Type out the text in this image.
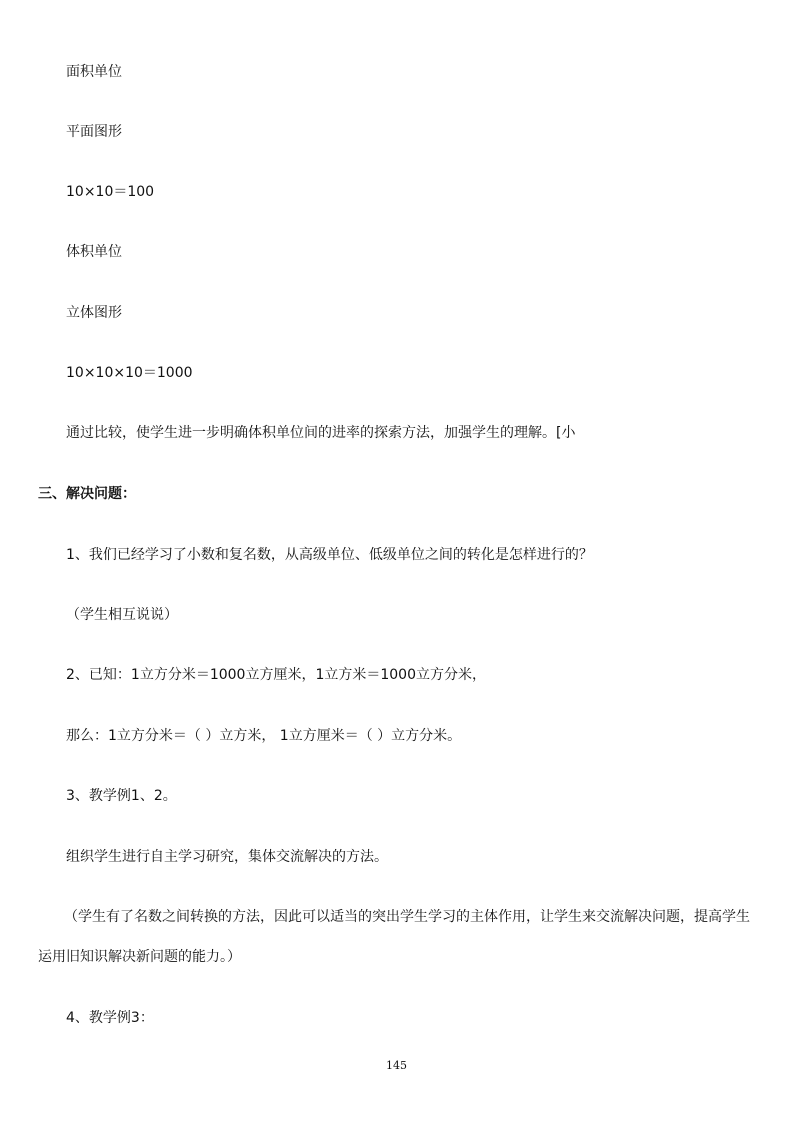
面积单位
平面图形
10×10＝100
体积单位
立体图形
10×10×10＝1000
通过比较，使学生进一步明确体积单位间的进率的探索方法，加强学生的理解。[小
三、解决问题：
1、我们已经学习了小数和复名数，从高级单位、低级单位之间的转化是怎样进行的？
（学生相互说说）
2、已知：1立方分米＝1000立方厘米，1立方米＝1000立方分米，
那么：1立方分米＝（ ）立方米， 1立方厘米＝（ ）立方分米。
3、教学例1、2。
组织学生进行自主学习研究，集体交流解决的方法。
（学生有了名数之间转换的方法，因此可以适当的突出学生学习的主体作用，让学生来交流解决问题，提高学生
运用旧知识解决新问题的能力。）
4、教学例3：
145
